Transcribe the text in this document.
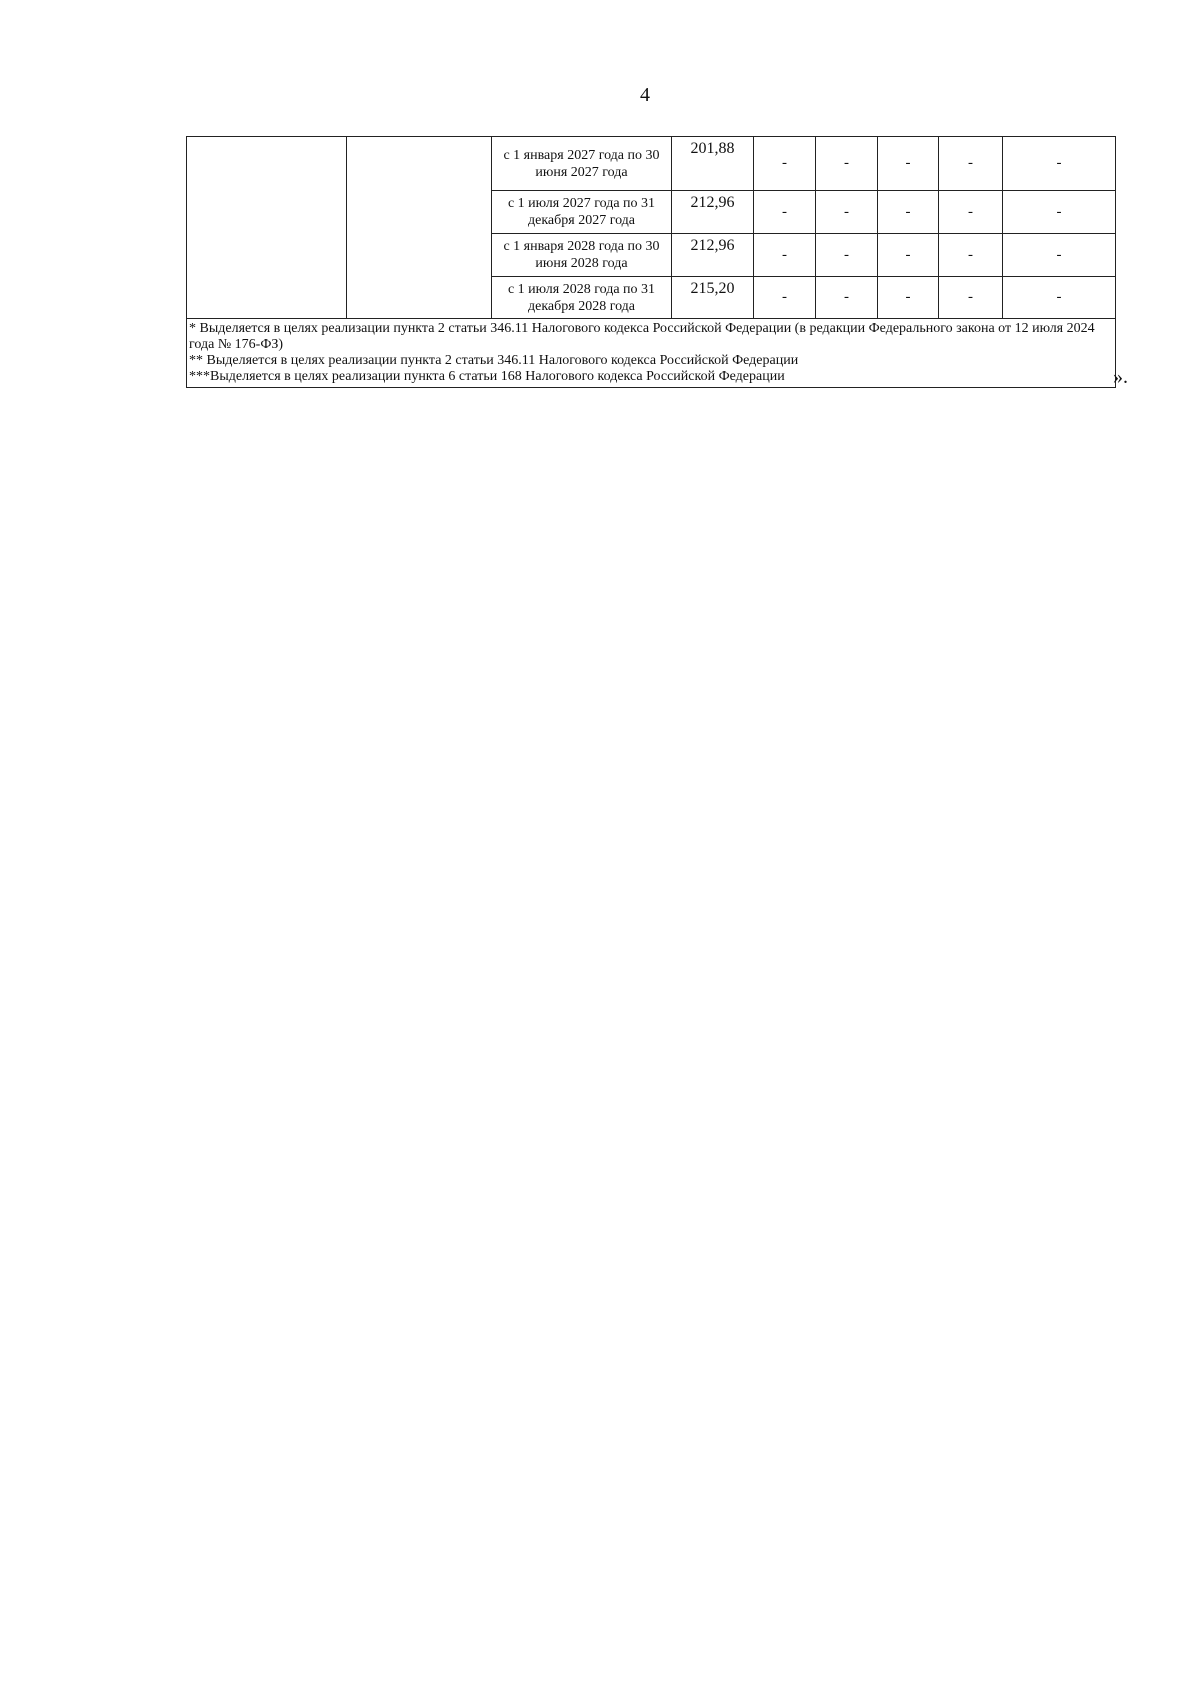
4
		с 1 января 2027 года по 30 июня 2027 года	201,88	-	-	-	-	-
		с 1 июля 2027 года по 31 декабря 2027 года	212,96	-	-	-	-	-
		с 1 января 2028 года по 30 июня 2028 года	212,96	-	-	-	-	-
		с 1 июля 2028 года по 31 декабря 2028 года	215,20	-	-	-	-	-

* Выделяется в целях реализации пункта 2 статьи 346.11 Налогового кодекса Российской Федерации (в редакции Федерального закона от 12 июля 2024 года № 176-ФЗ)
** Выделяется в целях реализации пункта 2 статьи 346.11 Налогового кодекса Российской Федерации
***Выделяется в целях реализации пункта 6 статьи 168 Налогового кодекса Российской Федерации									».
